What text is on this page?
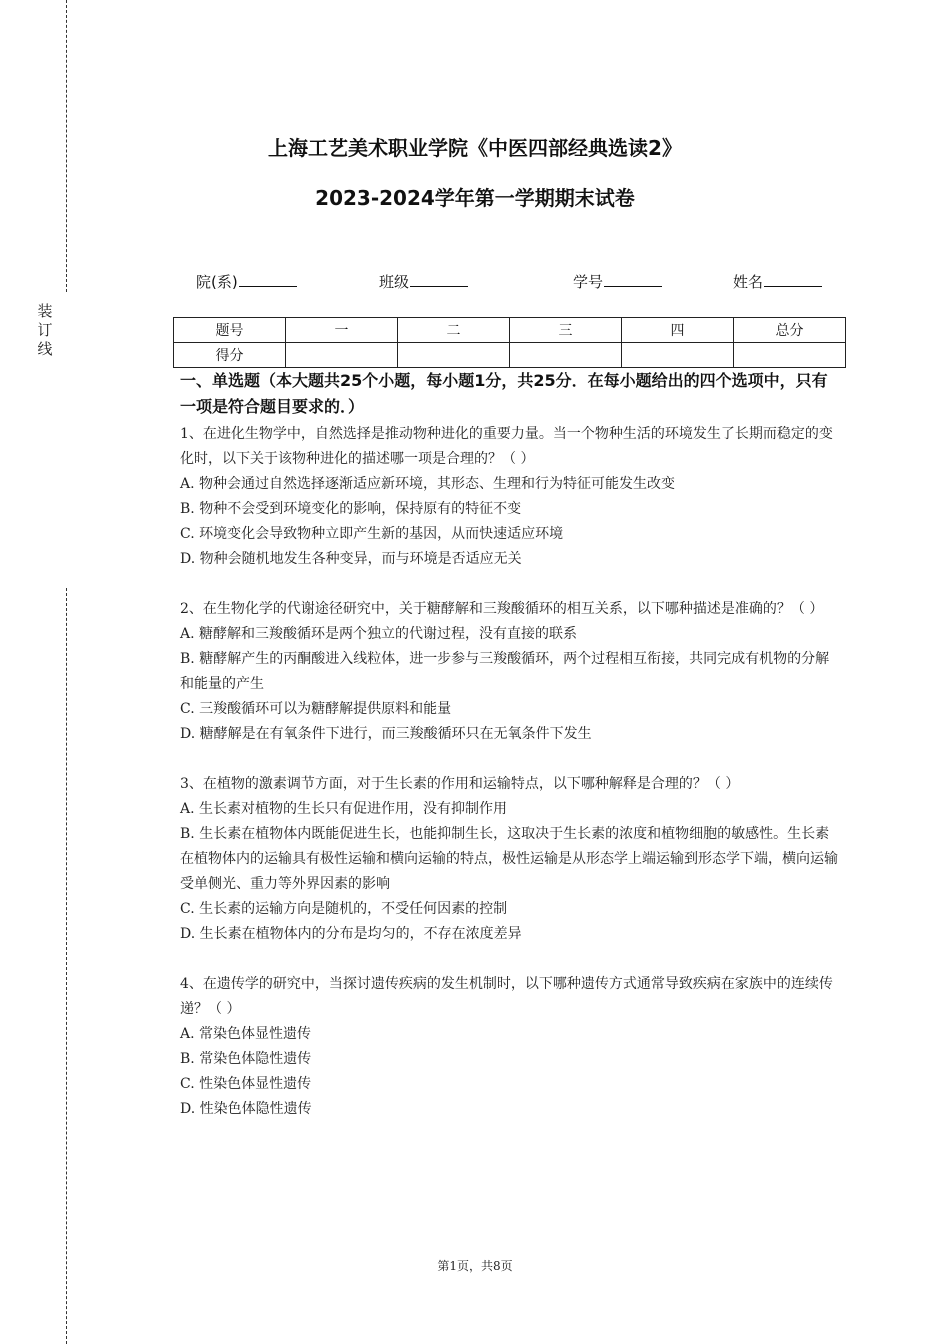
装
订
线
上海工艺美术职业学院《中医四部经典选读2》
2023-2024学年第一学期期末试卷
院(系)	班级	学号	姓名
题号	一	二	三	四	总分
得分					
一、单选题（本大题共25个小题，每小题1分，共25分．在每小题给出的四个选项中，只有一项是符合题目要求的．）

1、在进化生物学中，自然选择是推动物种进化的重要力量。当一个物种生活的环境发生了长期而稳定的变化时，以下关于该物种进化的描述哪一项是合理的？（ ）

A. 物种会通过自然选择逐渐适应新环境，其形态、生理和行为特征可能发生改变

B. 物种不会受到环境变化的影响，保持原有的特征不变

C. 环境变化会导致物种立即产生新的基因，从而快速适应环境

D. 物种会随机地发生各种变异，而与环境是否适应无关

2、在生物化学的代谢途径研究中，关于糖酵解和三羧酸循环的相互关系，以下哪种描述是准确的？（ ）

A. 糖酵解和三羧酸循环是两个独立的代谢过程，没有直接的联系

B. 糖酵解产生的丙酮酸进入线粒体，进一步参与三羧酸循环，两个过程相互衔接，共同完成有机物的分解和能量的产生

C. 三羧酸循环可以为糖酵解提供原料和能量

D. 糖酵解是在有氧条件下进行，而三羧酸循环只在无氧条件下发生

3、在植物的激素调节方面，对于生长素的作用和运输特点，以下哪种解释是合理的？（ ）

A. 生长素对植物的生长只有促进作用，没有抑制作用

B. 生长素在植物体内既能促进生长，也能抑制生长，这取决于生长素的浓度和植物细胞的敏感性。生长素在植物体内的运输具有极性运输和横向运输的特点，极性运输是从形态学上端运输到形态学下端，横向运输受单侧光、重力等外界因素的影响

C. 生长素的运输方向是随机的，不受任何因素的控制

D. 生长素在植物体内的分布是均匀的，不存在浓度差异

4、在遗传学的研究中，当探讨遗传疾病的发生机制时，以下哪种遗传方式通常导致疾病在家族中的连续传递？（ ）

A. 常染色体显性遗传

B. 常染色体隐性遗传

C. 性染色体显性遗传

D. 性染色体隐性遗传

第1页，共8页
